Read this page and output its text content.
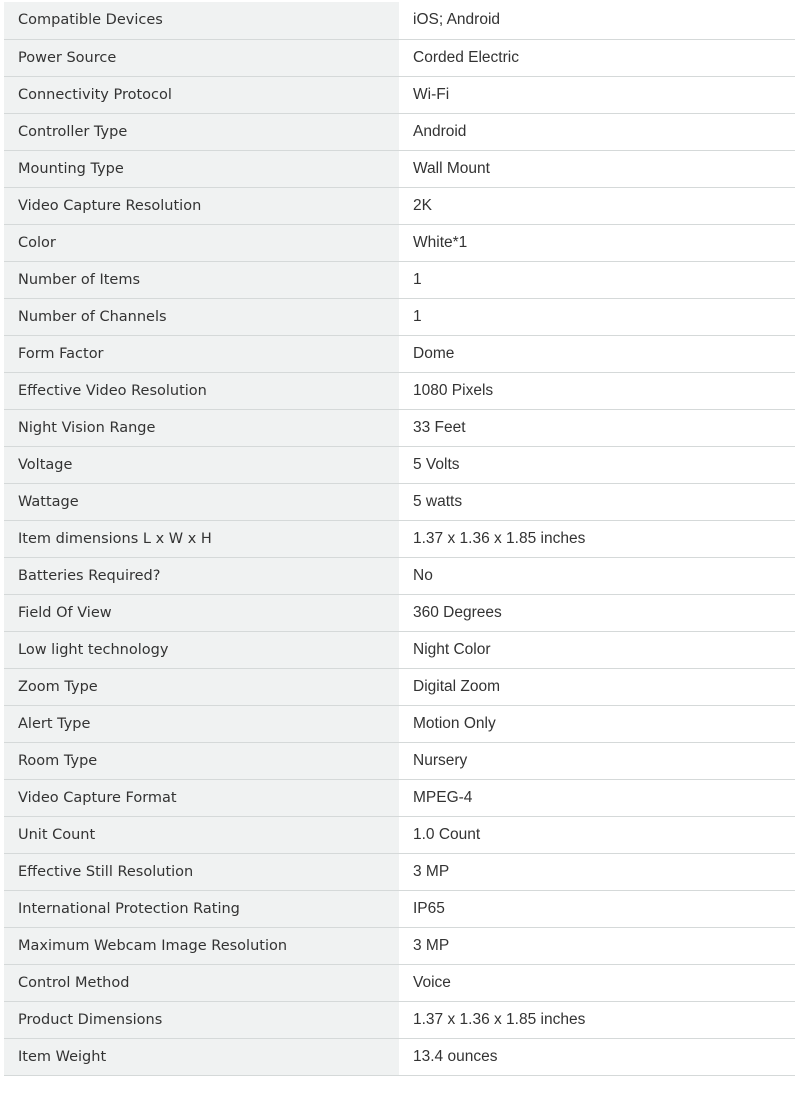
Compatible Devices	iOS; Android
Power Source	Corded Electric
Connectivity Protocol	Wi-Fi
Controller Type	Android
Mounting Type	Wall Mount
Video Capture Resolution	2K
Color	White*1
Number of Items	1
Number of Channels	1
Form Factor	Dome
Effective Video Resolution	1080 Pixels
Night Vision Range	33 Feet
Voltage	5 Volts
Wattage	5 watts
Item dimensions L x W x H	1.37 x 1.36 x 1.85 inches
Batteries Required?	No
Field Of View	360 Degrees
Low light technology	Night Color
Zoom Type	Digital Zoom
Alert Type	Motion Only
Room Type	Nursery
Video Capture Format	MPEG-4
Unit Count	1.0 Count
Effective Still Resolution	3 MP
International Protection Rating	IP65
Maximum Webcam Image Resolution	3 MP
Control Method	Voice
Product Dimensions	1.37 x 1.36 x 1.85 inches
Item Weight	13.4 ounces
